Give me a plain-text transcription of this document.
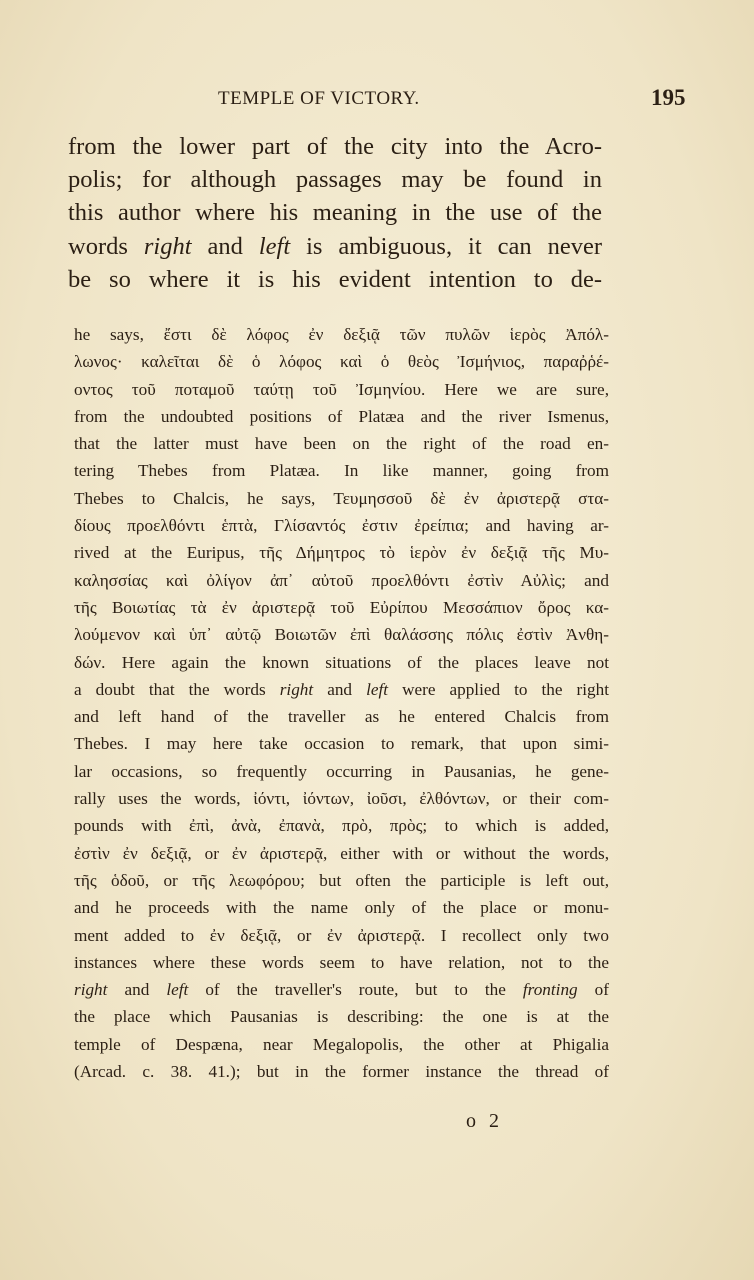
TEMPLE OF VICTORY.	195
from the lower part of the city into the Acro-
polis; for although passages may be found in
this author where his meaning in the use of the
words right and left is ambiguous, it can never
be so where it is his evident intention to de-
he says, ἔστι δὲ λόφος ἐν δεξιᾷ τῶν πυλῶν ἱερὸς Ἀπόλ-
λωνος· καλεῖται δὲ ὁ λόφος καὶ ὁ θεὸς Ἰσμήνιος, παραῤῥέ-
οντος τοῦ ποταμοῦ ταύτῃ τοῦ Ἰσμηνίου. Here we are sure,
from the undoubted positions of Platæa and the river Ismenus,
that the latter must have been on the right of the road en-
tering Thebes from Platæa. In like manner, going from
Thebes to Chalcis, he says, Τευμησσοῦ δὲ ἐν ἀριστερᾷ στα-
δίους προελθόντι ἑπτὰ, Γλίσαντός ἐστιν ἐρείπια; and having ar-
rived at the Euripus, τῆς Δήμητρος τὸ ἱερὸν ἐν δεξιᾷ τῆς Μυ-
καλησσίας καὶ ὀλίγον ἀπ᾽ αὐτοῦ προελθόντι ἐστὶν Αὐλὶς; and
τῆς Βοιωτίας τὰ ἐν ἀριστερᾷ τοῦ Εὐρίπου Μεσσάπιον ὄρος κα-
λούμενον καὶ ὑπ᾽ αὐτῷ Βοιωτῶν ἐπὶ θαλάσσης πόλις ἐστὶν Ἀνθη-
δών. Here again the known situations of the places leave not
a doubt that the words right and left were applied to the right
and left hand of the traveller as he entered Chalcis from
Thebes. I may here take occasion to remark, that upon simi-
lar occasions, so frequently occurring in Pausanias, he gene-
rally uses the words, ἰόντι, ἰόντων, ἰοῦσι, ἐλθόντων, or their com-
pounds with ἐπὶ, ἀνὰ, ἐπανὰ, πρὸ, πρὸς; to which is added,
ἐστὶν ἐν δεξιᾷ, or ἐν ἀριστερᾷ, either with or without the words,
τῆς ὁδοῦ, or τῆς λεωφόρου; but often the participle is left out,
and he proceeds with the name only of the place or monu-
ment added to ἐν δεξιᾷ, or ἐν ἀριστερᾷ. I recollect only two
instances where these words seem to have relation, not to the
right and left of the traveller's route, but to the fronting of
the place which Pausanias is describing: the one is at the
temple of Despæna, near Megalopolis, the other at Phigalia
(Arcad. c. 38. 41.); but in the former instance the thread of
o 2
